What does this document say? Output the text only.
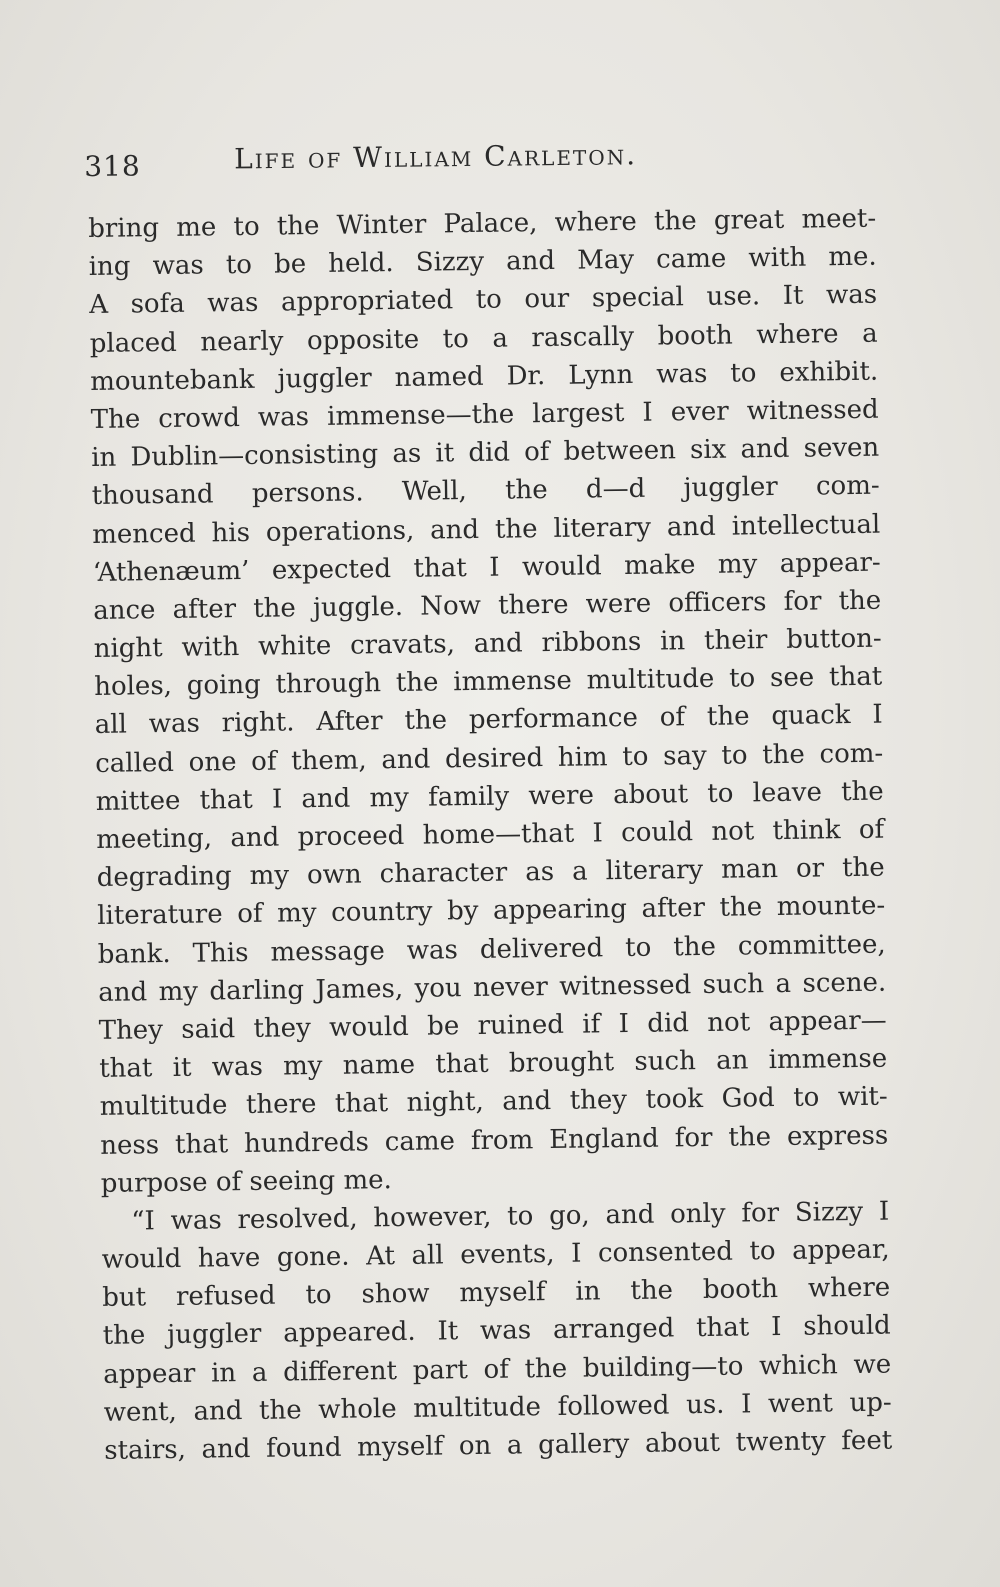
318	Life of William Carleton.
bring me to the Winter Palace, where the great meet-
ing was to be held. Sizzy and May came with me.
A sofa was appropriated to our special use. It was
placed nearly opposite to a rascally booth where a
mountebank juggler named Dr. Lynn was to exhibit.
The crowd was immense—the largest I ever witnessed
in Dublin—consisting as it did of between six and seven
thousand persons. Well, the d—d juggler com-
menced his operations, and the literary and intellectual
‘Athenæum’ expected that I would make my appear-
ance after the juggle. Now there were officers for the
night with white cravats, and ribbons in their button-
holes, going through the immense multitude to see that
all was right. After the performance of the quack I
called one of them, and desired him to say to the com-
mittee that I and my family were about to leave the
meeting, and proceed home—that I could not think of
degrading my own character as a literary man or the
literature of my country by appearing after the mounte-
bank. This message was delivered to the committee,
and my darling James, you never witnessed such a scene.
They said they would be ruined if I did not appear—
that it was my name that brought such an immense
multitude there that night, and they took God to wit-
ness that hundreds came from England for the express
purpose of seeing me.
“I was resolved, however, to go, and only for Sizzy I
would have gone. At all events, I consented to appear,
but refused to show myself in the booth where
the juggler appeared. It was arranged that I should
appear in a different part of the building—to which we
went, and the whole multitude followed us. I went up-
stairs, and found myself on a gallery about twenty feet
